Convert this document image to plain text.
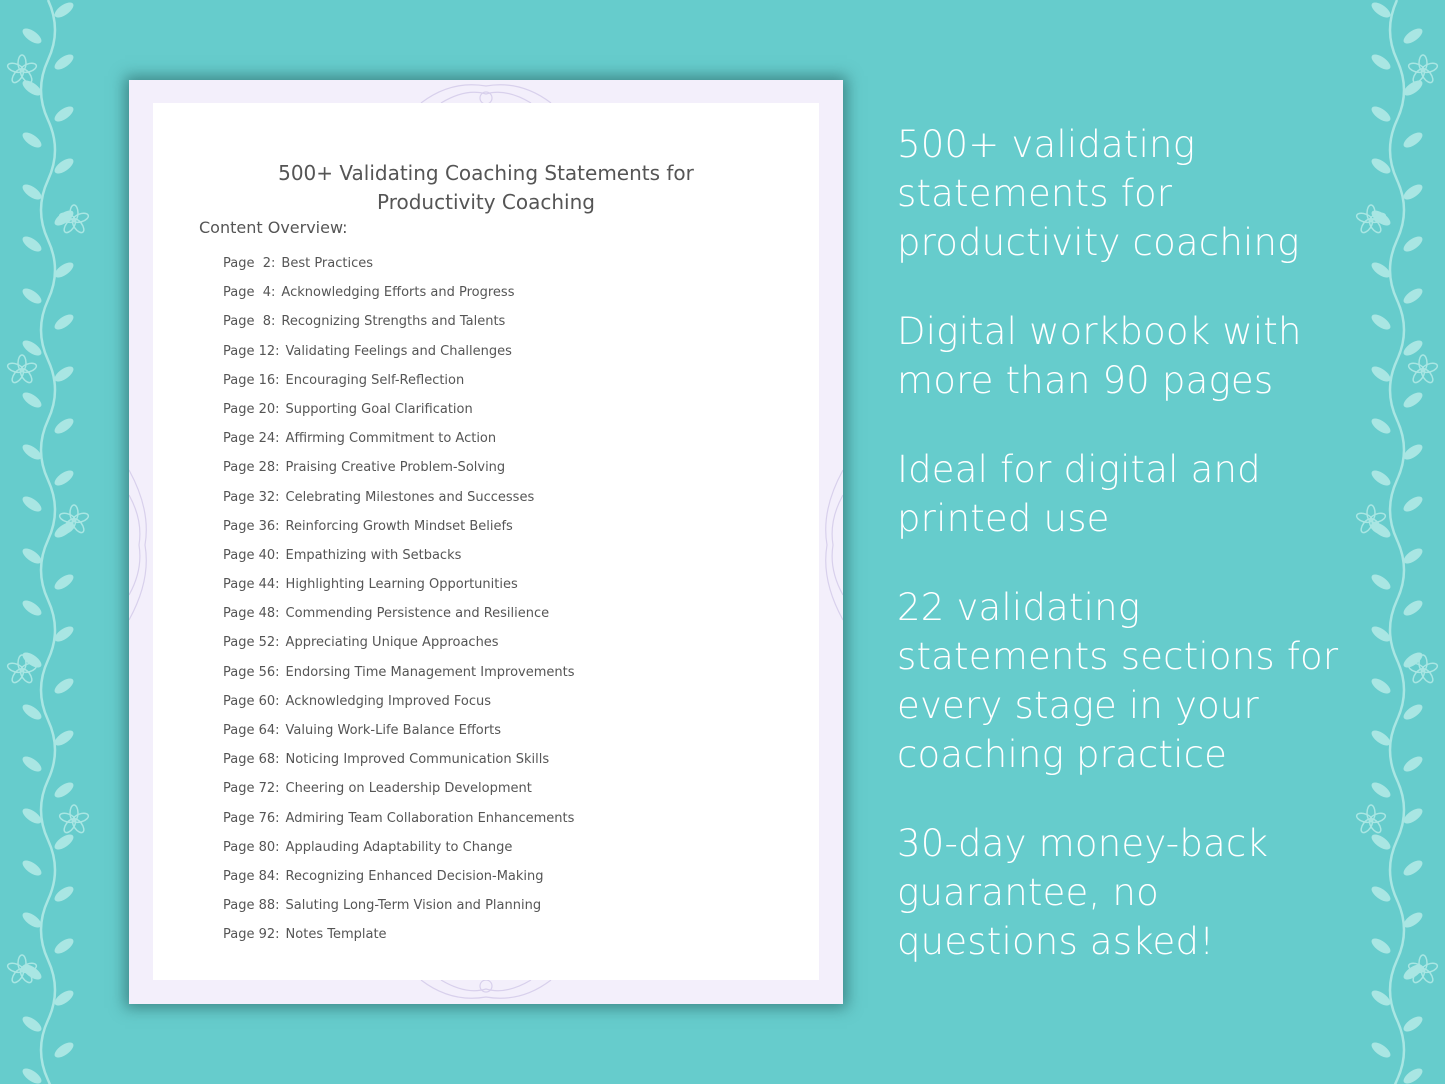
500+ Validating Coaching Statements for
Productivity Coaching
Content Overview:
Page  2: Best Practices
Page  4: Acknowledging Efforts and Progress
Page  8: Recognizing Strengths and Talents
Page 12: Validating Feelings and Challenges
Page 16: Encouraging Self-Reflection
Page 20: Supporting Goal Clarification
Page 24: Affirming Commitment to Action
Page 28: Praising Creative Problem-Solving
Page 32: Celebrating Milestones and Successes
Page 36: Reinforcing Growth Mindset Beliefs
Page 40: Empathizing with Setbacks
Page 44: Highlighting Learning Opportunities
Page 48: Commending Persistence and Resilience
Page 52: Appreciating Unique Approaches
Page 56: Endorsing Time Management Improvements
Page 60: Acknowledging Improved Focus
Page 64: Valuing Work-Life Balance Efforts
Page 68: Noticing Improved Communication Skills
Page 72: Cheering on Leadership Development
Page 76: Admiring Team Collaboration Enhancements
Page 80: Applauding Adaptability to Change
Page 84: Recognizing Enhanced Decision-Making
Page 88: Saluting Long-Term Vision and Planning
Page 92: Notes Template

500+ validating
statements for
productivity coaching

Digital workbook with
more than 90 pages

Ideal for digital and
printed use

22 validating
statements sections for
every stage in your
coaching practice

30-day money-back
guarantee, no
questions asked!
